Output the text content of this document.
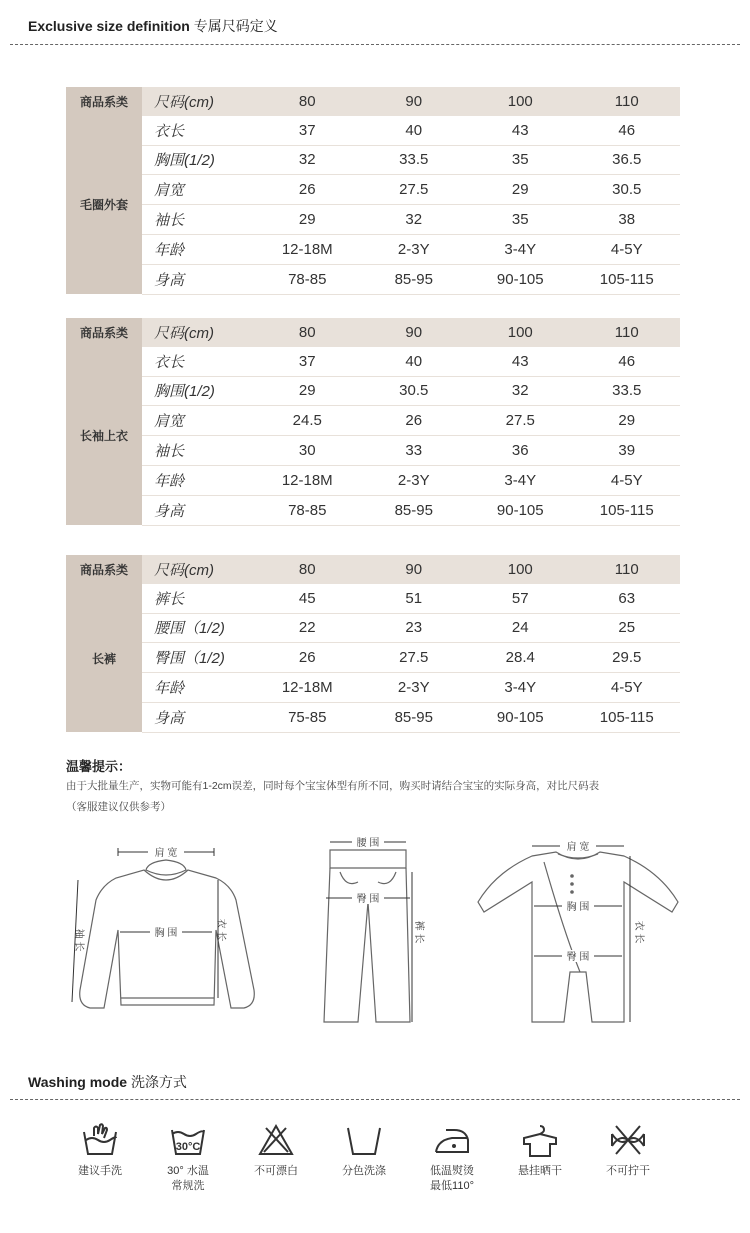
Exclusive size definition 专属尺码定义
商品系类	尺码(cm)	80	90	100	110
毛圈外套	衣长	37	40	43	46
	胸围(1/2)	32	33.5	35	36.5
	肩宽	26	27.5	29	30.5
	袖长	29	32	35	38
	年龄	12-18M	2-3Y	3-4Y	4-5Y
	身高	78-85	85-95	90-105	105-115
商品系类	尺码(cm)	80	90	100	110
长袖上衣	衣长	37	40	43	46
	胸围(1/2)	29	30.5	32	33.5
	肩宽	24.5	26	27.5	29
	袖长	30	33	36	39
	年龄	12-18M	2-3Y	3-4Y	4-5Y
	身高	78-85	85-95	90-105	105-115
商品系类	尺码(cm)	80	90	100	110
长裤	裤长	45	51	57	63
	腰围（1/2)	22	23	24	25
	臀围（1/2)	26	27.5	28.4	29.5
	年龄	12-18M	2-3Y	3-4Y	4-5Y
	身高	75-85	85-95	90-105	105-115
温馨提示：
由于大批量生产，实物可能有1-2cm误差，同时每个宝宝体型有所不同，购买时请结合宝宝的实际身高，对比尺码表
（客服建议仅供参考）
肩 宽
胸 围	衣 长
袖 长
腰 围
臀 围
裤 长
肩 宽
胸 围
臀 围
衣 长
Washing mode 洗涤方式
建议手洗
30°C
30° 水温
常规洗
不可漂白	分色洗涤	低温熨烫
最低110°
悬挂晒干	不可拧干
